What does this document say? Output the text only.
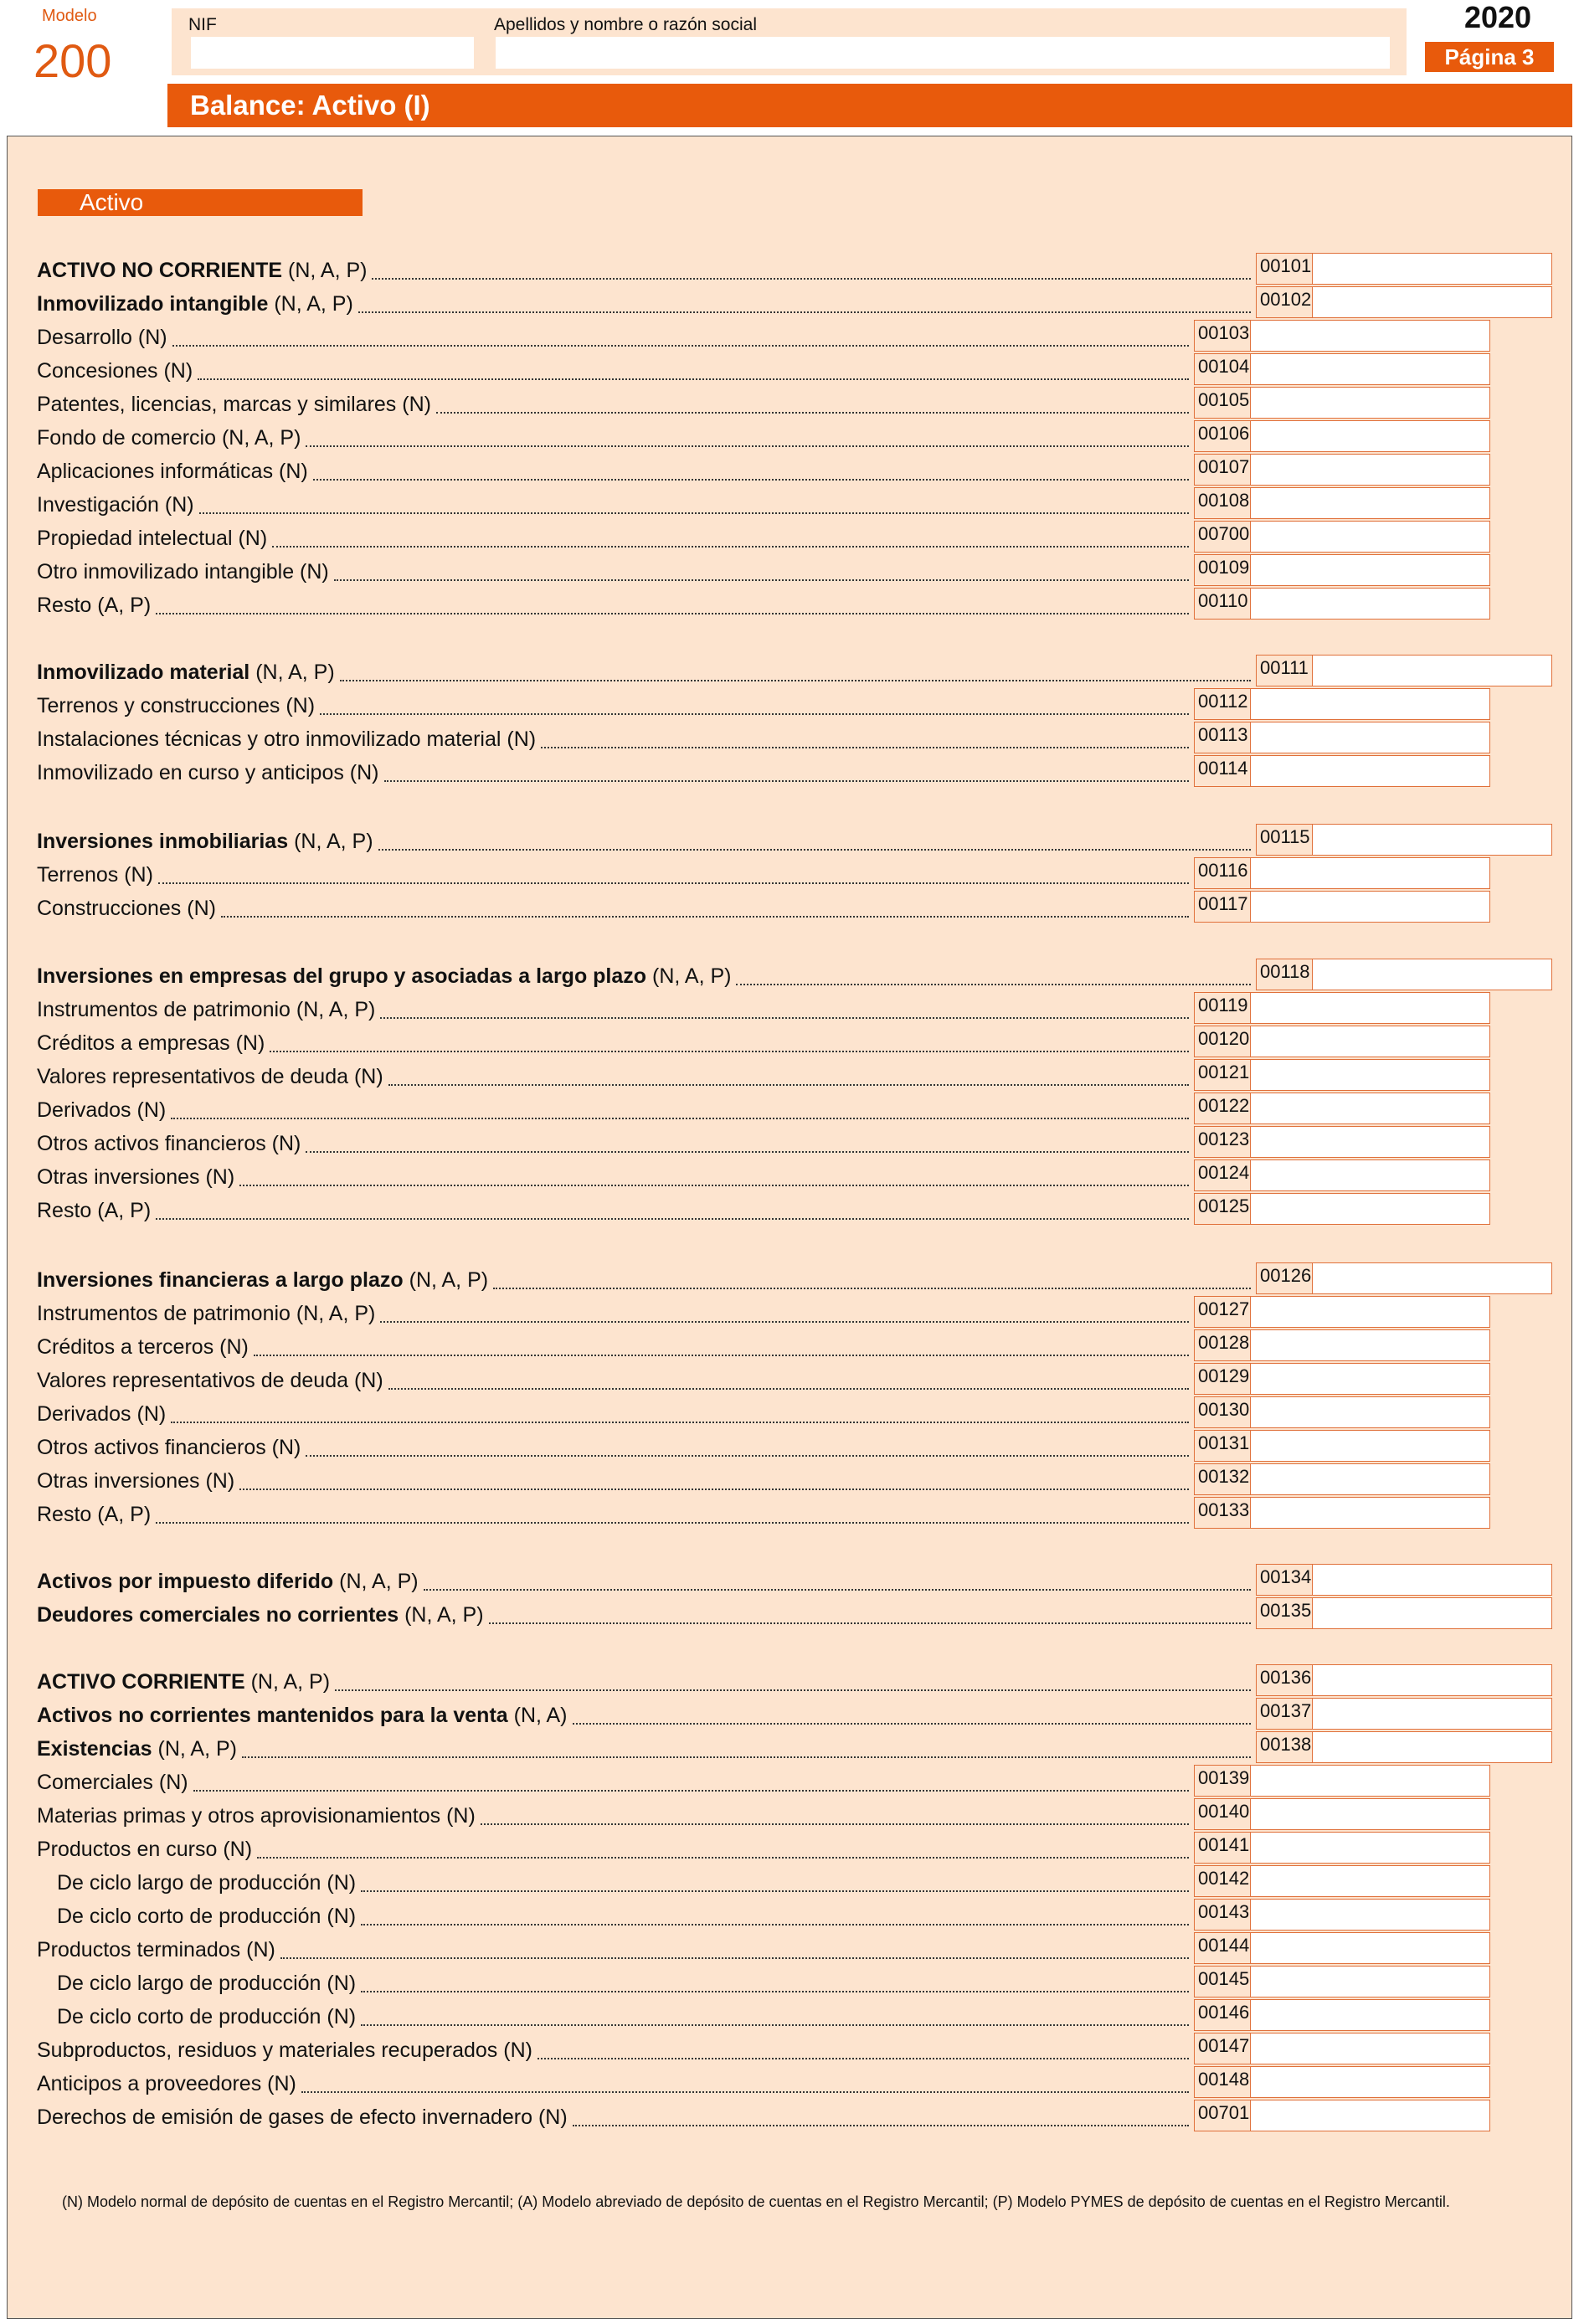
Modelo
200
NIF	Apellidos y nombre o razón social	2020
Página 3
Balance: Activo (I)
Activo
ACTIVO NO CORRIENTE (N, A, P)	00101
Inmovilizado intangible (N, A, P)	00102
Desarrollo (N)	00103
Concesiones (N)	00104
Patentes, licencias, marcas y similares (N)	00105
Fondo de comercio (N, A, P)	00106
Aplicaciones informáticas (N)	00107
Investigación (N)	00108
Propiedad intelectual (N)	00700
Otro inmovilizado intangible (N)	00109
Resto (A, P)	00110
Inmovilizado material (N, A, P)	00111
Terrenos y construcciones (N)	00112
Instalaciones técnicas y otro inmovilizado material (N)	00113
Inmovilizado en curso y anticipos (N)	00114
Inversiones inmobiliarias (N, A, P)	00115
Terrenos (N)	00116
Construcciones (N)	00117
Inversiones en empresas del grupo y asociadas a largo plazo (N, A, P)	00118
Instrumentos de patrimonio (N, A, P)	00119
Créditos a empresas (N)	00120
Valores representativos de deuda (N)	00121
Derivados (N)	00122
Otros activos financieros (N)	00123
Otras inversiones (N)	00124
Resto (A, P)	00125
Inversiones financieras a largo plazo (N, A, P)	00126
Instrumentos de patrimonio (N, A, P)	00127
Créditos a terceros (N)	00128
Valores representativos de deuda (N)	00129
Derivados (N)	00130
Otros activos financieros (N)	00131
Otras inversiones (N)	00132
Resto (A, P)	00133
Activos por impuesto diferido (N, A, P)	00134
Deudores comerciales no corrientes (N, A, P)	00135
ACTIVO CORRIENTE (N, A, P)	00136
Activos no corrientes mantenidos para la venta (N, A)	00137
Existencias (N, A, P)	00138
Comerciales (N)	00139
Materias primas y otros aprovisionamientos (N)	00140
Productos en curso (N)	00141
De ciclo largo de producción (N)	00142
De ciclo corto de producción (N)	00143
Productos terminados (N)	00144
De ciclo largo de producción (N)	00145
De ciclo corto de producción (N)	00146
Subproductos, residuos y materiales recuperados (N)	00147
Anticipos a proveedores (N)	00148
Derechos de emisión de gases de efecto invernadero (N)	00701
(N) Modelo normal de depósito de cuentas en el Registro Mercantil; (A) Modelo abreviado de depósito de cuentas en el Registro Mercantil; (P) Modelo PYMES de depósito de cuentas en el Registro Mercantil.
